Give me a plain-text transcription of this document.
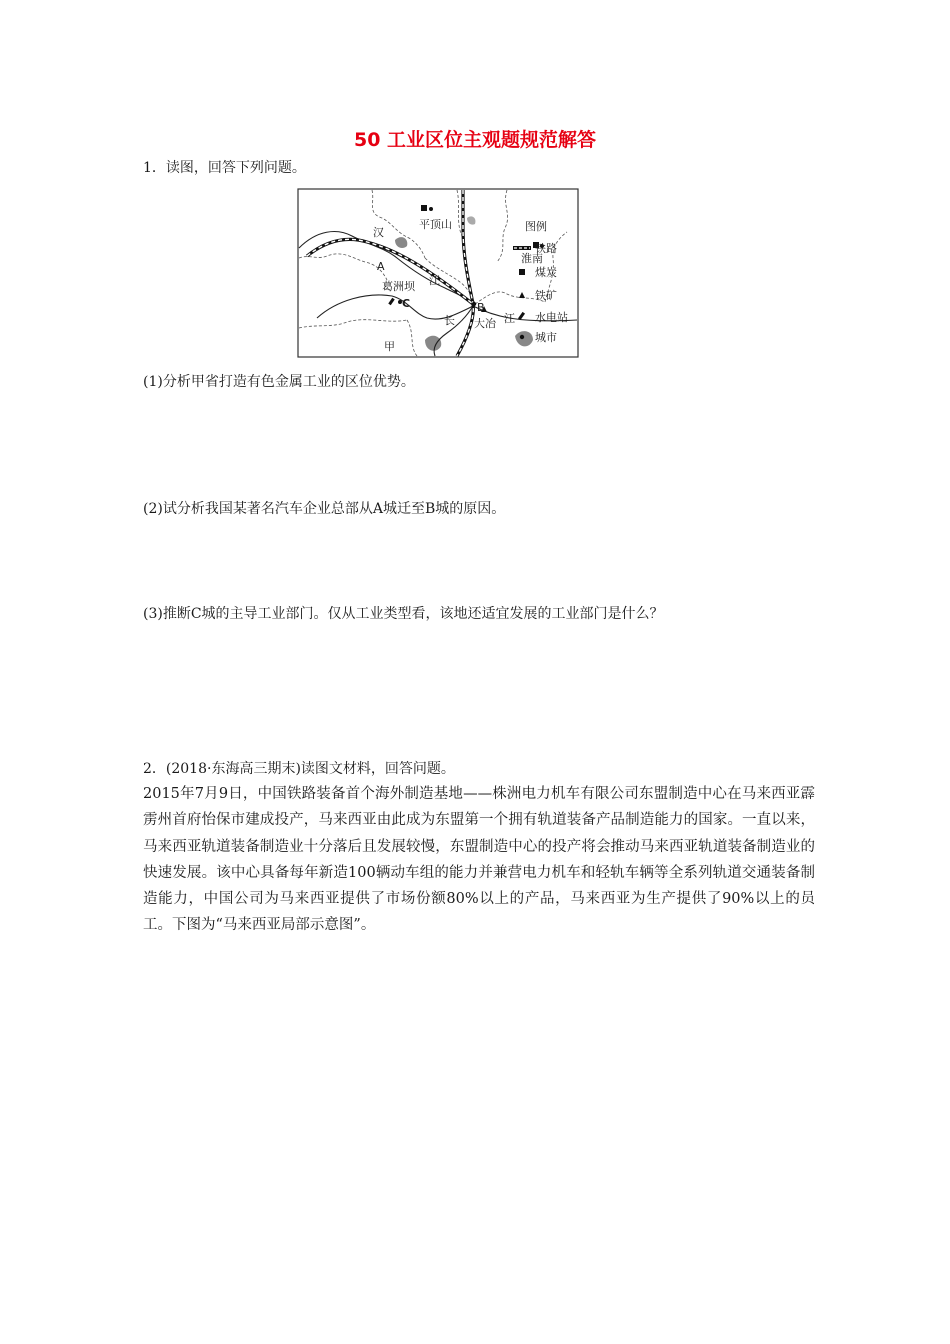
50 工业区位主观题规范解答
1．读图，回答下列问题。
平顶山
淮南
汉
A
江
葛洲坝
C	B
大冶
长	江
甲
图例
铁路
煤炭
铁矿
水电站
城市
(1)分析甲省打造有色金属工业的区位优势。
(2)试分析我国某著名汽车企业总部从A城迁至B城的原因。
(3)推断C城的主导工业部门。仅从工业类型看，该地还适宜发展的工业部门是什么？
2．(2018·东海高三期末)读图文材料，回答问题。
2015年7月9日，中国铁路装备首个海外制造基地——株洲电力机车有限公司东盟制造中心在马来西亚霹雳州首府怡保市建成投产，马来西亚由此成为东盟第一个拥有轨道装备产品制造能力的国家。一直以来，马来西亚轨道装备制造业十分落后且发展较慢，东盟制造中心的投产将会推动马来西亚轨道装备制造业的快速发展。该中心具备每年新造100辆动车组的能力并兼营电力机车和轻轨车辆等全系列轨道交通装备制造能力，中国公司为马来西亚提供了市场份额80%以上的产品，马来西亚为生产提供了90%以上的员工。下图为“马来西亚局部示意图”。
